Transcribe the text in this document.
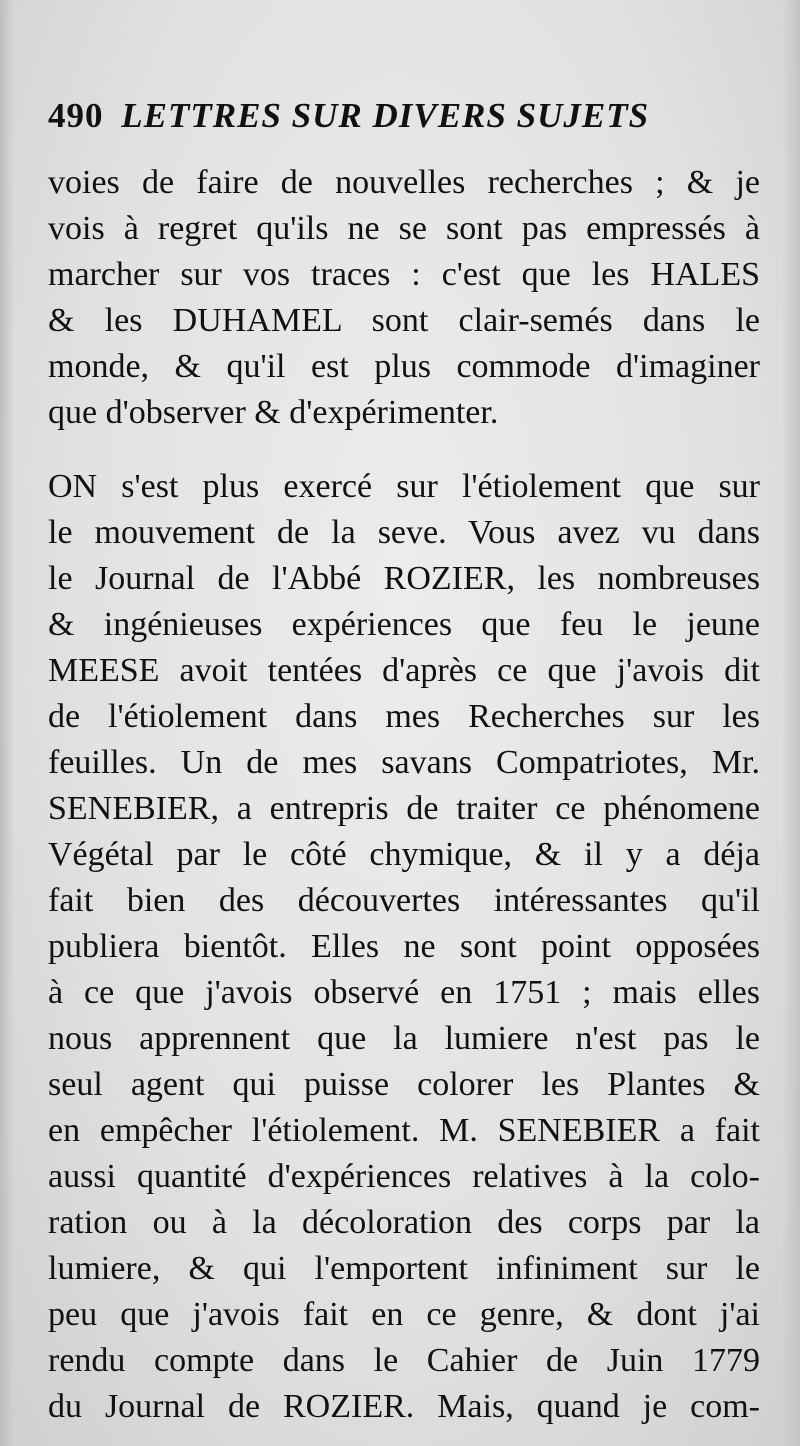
490 LETTRES SUR DIVERS SUJETS
voies de faire de nouvelles recherches ; & je
vois à regret qu'ils ne se sont pas empressés à
marcher sur vos traces : c'est que les HALES
& les DUHAMEL sont clair-semés dans le
monde, & qu'il est plus commode d'imaginer
que d'observer & d'expérimenter.
ON s'est plus exercé sur l'étiolement que sur
le mouvement de la seve. Vous avez vu dans
le Journal de l'Abbé ROZIER, les nombreuses
& ingénieuses expériences que feu le jeune
MEESE avoit tentées d'après ce que j'avois dit
de l'étiolement dans mes Recherches sur les
feuilles. Un de mes savans Compatriotes, Mr.
SENEBIER, a entrepris de traiter ce phénomene
Végétal par le côté chymique, & il y a déja
fait bien des découvertes intéressantes qu'il
publiera bientôt. Elles ne sont point opposées
à ce que j'avois observé en 1751 ; mais elles
nous apprennent que la lumiere n'est pas le
seul agent qui puisse colorer les Plantes &
en empêcher l'étiolement. M. SENEBIER a fait
aussi quantité d'expériences relatives à la colo-
ration ou à la décoloration des corps par la
lumiere, & qui l'emportent infiniment sur le
peu que j'avois fait en ce genre, & dont j'ai
rendu compte dans le Cahier de Juin 1779
du Journal de ROZIER. Mais, quand je com-
